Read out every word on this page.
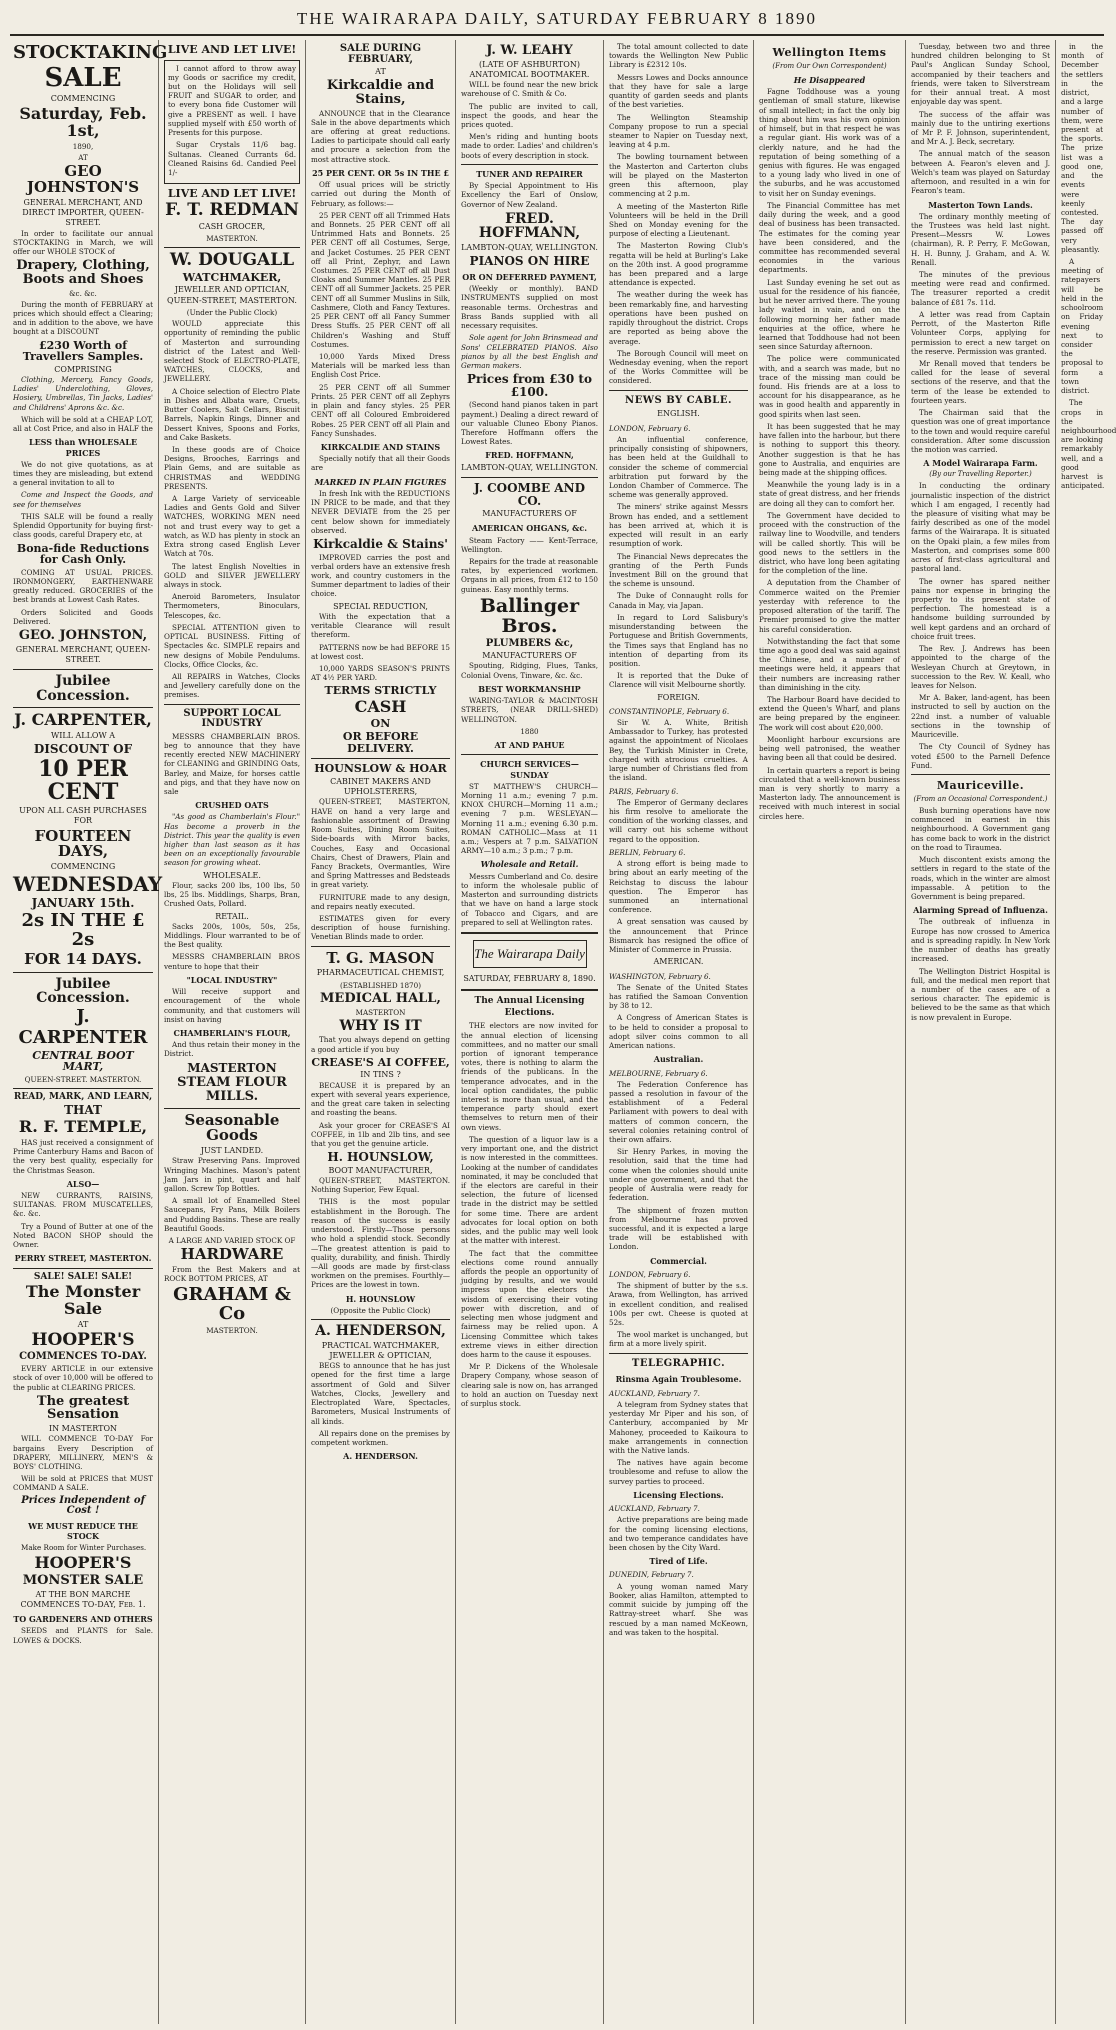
THE WAIRARAPA DAILY, SATURDAY FEBRUARY 8 1890
STOCKTAKING
SALE
COMMENCING
Saturday, Feb. 1st,
1890,
AT
GEO JOHNSTON'S
GENERAL MERCHANT, AND
DIRECT IMPORTER, QUEEN-STREET.

In order to facilitate our annual STOCKTAKING in March, we will offer our WHOLE STOCK of

Drapery, Clothing, Boots and Shoes
&c. &c.

During the month of FEBRUARY at prices which should effect a Clearing; and in addition to the above, we have bought at a DISCOUNT

£230 Worth of Travellers Samples.
COMPRISING

Clothing, Mercery, Fancy Goods, Ladies' Underclothing, Gloves, Hosiery, Umbrellas, Tin Jacks, Ladies' and Childrens' Aprons &c. &c.

Which will be sold at a CHEAP LOT, all at Cost Price, and also in HALF the

LESS than WHOLESALE PRICES

We do not give quotations, as at times they are misleading, but extend a general invitation to all to

Come and Inspect the Goods, and see for themselves

THIS SALE will be found a really Splendid Opportunity for buying first-class goods, careful Drapery etc, at

Bona-fide Reductions for Cash Only.

COMING AT USUAL PRICES. IRONMONGERY, EARTHENWARE greatly reduced. GROCERIES of the best brands at Lowest Cash Rates.

Orders Solicited and Goods Delivered.

GEO. JOHNSTON,
GENERAL MERCHANT, QUEEN-STREET.
Jubilee Concession.
J. CARPENTER,
WILL ALLOW A
DISCOUNT OF
10 PER CENT
UPON ALL CASH PURCHASES
FOR
FOURTEEN DAYS,
COMMENCING
WEDNESDAY
JANUARY 15th.
2s IN THE £ 2s
FOR 14 DAYS.
Jubilee Concession.
J.
CARPENTER
CENTRAL BOOT MART,
QUEEN-STREET. MASTERTON.
READ, MARK, AND LEARN,
THAT
R. F. TEMPLE,

HAS just received a consignment of Prime Canterbury Hams and Bacon of the very best quality, especially for the Christmas Season.

ALSO—

NEW CURRANTS, RAISINS, SULTANAS. FROM MUSCATELLES, &c. &c.

Try a Pound of Butter at one of the Noted BACON SHOP should the Owner.

PERRY STREET, MASTERTON.
SALE! SALE! SALE!
The Monster Sale
AT
HOOPER'S
COMMENCES TO-DAY.

EVERY ARTICLE in our extensive stock of over 10,000 will be offered to the public at CLEARING PRICES.

The greatest Sensation
IN MASTERTON

WILL COMMENCE TO-DAY For bargains Every Description of DRAPERY, MILLINERY, MEN'S & BOYS' CLOTHING.

Will be sold at PRICES that MUST COMMAND A SALE.

Prices Independent of Cost !
WE MUST REDUCE THE STOCK

Make Room for Winter Purchases.

HOOPER'S
MONSTER SALE
AT THE BON MARCHE COMMENCES TO-DAY, Feb. 1.
TO GARDENERS AND OTHERS

SEEDS and PLANTS for Sale. LOWES & DOCKS.

LIVE AND LET LIVE!

I cannot afford to throw away my Goods or sacrifice my credit, but on the Holidays will sell FRUIT and SUGAR to order, and to every bona fide Customer will give a PRESENT as well. I have supplied myself with £50 worth of Presents for this purpose.

Sugar Crystals 11/6 bag. Sultanas. Cleaned Currants 6d. Cleaned Raisins 6d. Candied Peel 1/-

LIVE AND LET LIVE!
F. T. REDMAN
CASH GROCER,
MASTERTON.
W. DOUGALL
WATCHMAKER,
JEWELLER AND OPTICIAN,
QUEEN-STREET, MASTERTON.
(Under the Public Clock)

WOULD appreciate this opportunity of reminding the public of Masterton and surrounding district of the Latest and Well-selected Stock of ELECTRO-PLATE, WATCHES, CLOCKS, and JEWELLERY.

A Choice selection of Electro Plate in Dishes and Albata ware, Cruets, Butter Coolers, Salt Cellars, Biscuit Barrels, Napkin Rings, Dinner and Dessert Knives, Spoons and Forks, and Cake Baskets.

In these goods are of Choice Designs, Brooches, Earrings and Plain Gems, and are suitable as CHRISTMAS and WEDDING PRESENTS.

A Large Variety of serviceable Ladies and Gents Gold and Silver WATCHES, WORKING MEN need not and trust every way to get a watch, as W.D has plenty in stock an Extra strong cased English Lever Watch at 70s.

The latest English Novelties in GOLD and SILVER JEWELLERY always in stock.

Aneroid Barometers, Insulator Thermometers, Binoculars, Telescopes, &c.

SPECIAL ATTENTION given to OPTICAL BUSINESS. Fitting of Spectacles &c. SIMPLE repairs and new designs of Mobile Pendulums. Clocks, Office Clocks, &c.

All REPAIRS in Watches, Clocks and Jewellery carefully done on the premises.

SUPPORT LOCAL INDUSTRY

MESSRS CHAMBERLAIN BROS. beg to announce that they have recently erected NEW MACHINERY for CLEANING and GRINDING Oats, Barley, and Maize, for horses cattle and pigs, and that they have now on sale

CRUSHED OATS

"As good as Chamberlain's Flour." Has become a proverb in the District. This year the quality is even higher than last season as it has been on an exceptionally favourable season for growing wheat.

WHOLESALE.

Flour, sacks 200 lbs, 100 lbs, 50 lbs, 25 lbs. Middlings, Sharps, Bran, Crushed Oats, Pollard.

RETAIL.

Sacks 200s, 100s, 50s, 25s, Middlings. Flour warranted to be of the Best quality.

MESSRS CHAMBERLAIN BROS venture to hope that their

"LOCAL INDUSTRY"

Will receive support and encouragement of the whole community, and that customers will insist on having

CHAMBERLAIN'S FLOUR,

And thus retain their money in the District.

MASTERTON
STEAM FLOUR MILLS.
Seasonable Goods
JUST LANDED.

Straw Preserving Pans. Improved Wringing Machines. Mason's patent Jam Jars in pint, quart and half gallon. Screw Top Bottles.

A small lot of Enamelled Steel Saucepans, Fry Pans, Milk Boilers and Pudding Basins. These are really Beautiful Goods.

A LARGE AND VARIED STOCK OF
HARDWARE

From the Best Makers and at ROCK BOTTOM PRICES, AT

GRAHAM & Co
MASTERTON.
SALE DURING FEBRUARY,
AT
Kirkcaldie and Stains,

ANNOUNCE that in the Clearance Sale in the above departments which are offering at great reductions. Ladies to participate should call early and procure a selection from the most attractive stock.

25 PER CENT. OR 5s IN THE £

Off usual prices will be strictly carried out during the Month of February, as follows:—

25 PER CENT off all Trimmed Hats and Bonnets. 25 PER CENT off all Untrimmed Hats and Bonnets. 25 PER CENT off all Costumes, Serge, and Jacket Costumes. 25 PER CENT off all Print, Zephyr, and Lawn Costumes. 25 PER CENT off all Dust Cloaks and Summer Mantles. 25 PER CENT off all Summer Jackets. 25 PER CENT off all Summer Muslins in Silk, Cashmere, Cloth and Fancy Textures. 25 PER CENT off all Fancy Summer Dress Stuffs. 25 PER CENT off all Children's Washing and Stuff Costumes.

10,000 Yards Mixed Dress Materials will be marked less than English Cost Price.

25 PER CENT off all Summer Prints. 25 PER CENT off all Zephyrs in plain and fancy styles. 25 PER CENT off all Coloured Embroidered Robes. 25 PER CENT off all Plain and Fancy Sunshades.

KIRKCALDIE AND STAINS

Specially notify that all their Goods are

MARKED IN PLAIN FIGURES

In fresh Ink with the REDUCTIONS IN PRICE to be made, and that they NEVER DEVIATE from the 25 per cent below shown for immediately observed.

Kirkcaldie & Stains'

IMPROVED carries the post and verbal orders have an extensive fresh work, and country customers in the Summer department to ladies of their choice.

SPECIAL REDUCTION,

With the expectation that a veritable Clearance will result thereform.

PATTERNS now be had BEFORE 15 at lowest cost.

10,000 YARDS SEASON'S PRINTS AT 4½ PER YARD.

TERMS STRICTLY
CASH
ON
OR BEFORE DELIVERY.
HOUNSLOW & HOAR
CABINET MAKERS AND UPHOLSTERERS,

QUEEN-STREET, MASTERTON, HAVE on hand a very large and fashionable assortment of Drawing Room Suites, Dining Room Suites, Side-boards with Mirror backs, Couches, Easy and Occasional Chairs, Chest of Drawers, Plain and Fancy Brackets, Overmantles, Wire and Spring Mattresses and Bedsteads in great variety.

FURNITURE made to any design, and repairs neatly executed.

ESTIMATES given for every description of house furnishing. Venetian Blinds made to order.

T. G. MASON
PHARMACEUTICAL CHEMIST,
(ESTABLISHED 1870)
MEDICAL HALL,
MASTERTON
WHY IS IT

That you always depend on getting a good article if you buy

CREASE'S AI COFFEE,
IN TINS ?

BECAUSE it is prepared by an expert with several years experience, and the great care taken in selecting and roasting the beans.

Ask your grocer for CREASE'S AI COFFEE, in 1lb and 2lb tins, and see that you get the genuine article.

H. HOUNSLOW,
BOOT MANUFACTURER,

QUEEN-STREET, MASTERTON. Nothing Superior, Few Equal.

THIS is the most popular establishment in the Borough. The reason of the success is easily understood. Firstly—Those persons who hold a splendid stock. Secondly—The greatest attention is paid to quality, durability, and finish. Thirdly—All goods are made by first-class workmen on the premises. Fourthly—Prices are the lowest in town.

H. HOUNSLOW
(Opposite the Public Clock)
A. HENDERSON,
PRACTICAL WATCHMAKER,
JEWELLER & OPTICIAN,

BEGS to announce that he has just opened for the first time a large assortment of Gold and Silver Watches, Clocks, Jewellery and Electroplated Ware, Spectacles, Barometers, Musical Instruments of all kinds.

All repairs done on the premises by competent workmen.

A. HENDERSON.
J. W. LEAHY
(LATE OF ASHBURTON)
ANATOMICAL BOOTMAKER.

WILL be found near the new brick warehouse of C. Smith & Co.

The public are invited to call, inspect the goods, and hear the prices quoted.

Men's riding and hunting boots made to order. Ladies' and children's boots of every description in stock.

TUNER AND REPAIRER

By Special Appointment to His Excellency the Earl of Onslow, Governor of New Zealand.

FRED. HOFFMANN,
LAMBTON-QUAY, WELLINGTON.
PIANOS ON HIRE
OR ON DEFERRED PAYMENT,

(Weekly or monthly). BAND INSTRUMENTS supplied on most reasonable terms. Orchestras and Brass Bands supplied with all necessary requisites.

Sole agent for John Brinsmead and Sons' CELEBRATED PIANOS. Also pianos by all the best English and German makers.

Prices from £30 to £100.

(Second hand pianos taken in part payment.) Dealing a direct reward of our valuable Cluneo Ebony Pianos. Therefore Hoffmann offers the Lowest Rates.

FRED. HOFFMANN,
LAMBTON-QUAY, WELLINGTON.
J. COOMBE AND CO.
MANUFACTURERS OF
AMERICAN OHGANS, &c.

Steam Factory —— Kent-Terrace, Wellington.

Repairs for the trade at reasonable rates, by experienced workmen. Organs in all prices, from £12 to 150 guineas. Easy monthly terms.

Ballinger Bros.
PLUMBERS &c,
MANUFACTURERS OF

Spouting, Ridging, Flues, Tanks, Colonial Ovens, Tinware, &c. &c.

BEST WORKMANSHIP

WARING-TAYLOR & MACINTOSH STREETS, (NEAR DRILL-SHED) WELLINGTON.

1880
AT AND PAHUE
CHURCH SERVICES—SUNDAY

ST MATTHEW'S CHURCH—Morning 11 a.m.; evening 7 p.m. KNOX CHURCH—Morning 11 a.m.; evening 7 p.m. WESLEYAN—Morning 11 a.m.; evening 6.30 p.m. ROMAN CATHOLIC—Mass at 11 a.m.; Vespers at 7 p.m. SALVATION ARMY—10 a.m.; 3 p.m.; 7 p.m.

Wholesale and Retail.

Messrs Cumberland and Co. desire to inform the wholesale public of Masterton and surrounding districts that we have on hand a large stock of Tobacco and Cigars, and are prepared to sell at Wellington rates.

The Wairarapa Daily
SATURDAY, FEBRUARY 8, 1890.
The Annual Licensing Elections.

THE electors are now invited for the annual election of licensing committees, and no matter our small portion of ignorant temperance votes, there is nothing to alarm the friends of the publicans. In the temperance advocates, and in the local option candidates, the public interest is more than usual, and the temperance party should exert themselves to return men of their own views.

The question of a liquor law is a very important one, and the district is now interested in the committees. Looking at the number of candidates nominated, it may be concluded that if the electors are careful in their selection, the future of licensed trade in the district may be settled for some time. There are ardent advocates for local option on both sides, and the public may well look at the matter with interest.

The fact that the committee elections come round annually affords the people an opportunity of judging by results, and we would impress upon the electors the wisdom of exercising their voting power with discretion, and of selecting men whose judgment and fairness may be relied upon. A Licensing Committee which takes extreme views in either direction does harm to the cause it espouses.

Mr P. Dickens of the Wholesale Drapery Company, whose season of clearing sale is now on, has arranged to hold an auction on Tuesday next of surplus stock.

The total amount collected to date towards the Wellington New Public Library is £2312 10s.

Messrs Lowes and Docks announce that they have for sale a large quantity of garden seeds and plants of the best varieties.

The Wellington Steamship Company propose to run a special steamer to Napier on Tuesday next, leaving at 4 p.m.

The bowling tournament between the Masterton and Carterton clubs will be played on the Masterton green this afternoon, play commencing at 2 p.m.

A meeting of the Masterton Rifle Volunteers will be held in the Drill Shed on Monday evening for the purpose of electing a Lieutenant.

The Masterton Rowing Club's regatta will be held at Burling's Lake on the 20th inst. A good programme has been prepared and a large attendance is expected.

The weather during the week has been remarkably fine, and harvesting operations have been pushed on rapidly throughout the district. Crops are reported as being above the average.

The Borough Council will meet on Wednesday evening, when the report of the Works Committee will be considered.

NEWS BY CABLE.
ENGLISH.
LONDON, February 6.

An influential conference, principally consisting of shipowners, has been held at the Guildhall to consider the scheme of commercial arbitration put forward by the London Chamber of Commerce. The scheme was generally approved.

The miners' strike against Messrs Brown has ended, and a settlement has been arrived at, which it is expected will result in an early resumption of work.

The Financial News deprecates the granting of the Perth Funds Investment Bill on the ground that the scheme is unsound.

The Duke of Connaught rolls for Canada in May, via Japan.

In regard to Lord Salisbury's misunderstanding between the Portuguese and British Governments, the Times says that England has no intention of departing from its position.

It is reported that the Duke of Clarence will visit Melbourne shortly.

FOREIGN.
CONSTANTINOPLE, February 6.

Sir W. A. White, British Ambassador to Turkey, has protested against the appointment of Nicolaes Bey, the Turkish Minister in Crete, charged with atrocious cruelties. A large number of Christians fled from the island.

PARIS, February 6.

The Emperor of Germany declares his firm resolve to ameliorate the condition of the working classes, and will carry out his scheme without regard to the opposition.

BERLIN, February 6.

A strong effort is being made to bring about an early meeting of the Reichstag to discuss the labour question. The Emperor has summoned an international conference.

A great sensation was caused by the announcement that Prince Bismarck has resigned the office of Minister of Commerce in Prussia.

AMERICAN.
WASHINGTON, February 6.

The Senate of the United States has ratified the Samoan Convention by 38 to 12.

A Congress of American States is to be held to consider a proposal to adopt silver coins common to all American nations.

Australian.
MELBOURNE, February 6.

The Federation Conference has passed a resolution in favour of the establishment of a Federal Parliament with powers to deal with matters of common concern, the several colonies retaining control of their own affairs.

Sir Henry Parkes, in moving the resolution, said that the time had come when the colonies should unite under one government, and that the people of Australia were ready for federation.

The shipment of frozen mutton from Melbourne has proved successful, and it is expected a large trade will be established with London.

Commercial.
LONDON, February 6.

The shipment of butter by the s.s. Arawa, from Wellington, has arrived in excellent condition, and realised 100s per cwt. Cheese is quoted at 52s.

The wool market is unchanged, but firm at a more lively spirit.

TELEGRAPHIC.
Rinsma Again Troublesome.
AUCKLAND, February 7.

A telegram from Sydney states that yesterday Mr Piper and his son, of Canterbury, accompanied by Mr Mahoney, proceeded to Kaikoura to make arrangements in connection with the Native lands.

The natives have again become troublesome and refuse to allow the survey parties to proceed.

Licensing Elections.
AUCKLAND, February 7.

Active preparations are being made for the coming licensing elections, and two temperance candidates have been chosen by the City Ward.

Tired of Life.
DUNEDIN, February 7.

A young woman named Mary Booker, alias Hamilton, attempted to commit suicide by jumping off the Rattray-street wharf. She was rescued by a man named McKeown, and was taken to the hospital.

Wellington Items
(From Our Own Correspondent)
He Disappeared

Fagne Toddhouse was a young gentleman of small stature, likewise of small intellect; in fact the only big thing about him was his own opinion of himself, but in that respect he was a regular giant. His work was of a clerkly nature, and he had the reputation of being something of a genius with figures. He was engaged to a young lady who lived in one of the suburbs, and he was accustomed to visit her on Sunday evenings.

The Financial Committee has met daily during the week, and a good deal of business has been transacted. The estimates for the coming year have been considered, and the committee has recommended several economies in the various departments.

Last Sunday evening he set out as usual for the residence of his fiancée, but he never arrived there. The young lady waited in vain, and on the following morning her father made enquiries at the office, where he learned that Toddhouse had not been seen since Saturday afternoon.

The police were communicated with, and a search was made, but no trace of the missing man could be found. His friends are at a loss to account for his disappearance, as he was in good health and apparently in good spirits when last seen.

It has been suggested that he may have fallen into the harbour, but there is nothing to support this theory. Another suggestion is that he has gone to Australia, and enquiries are being made at the shipping offices.

Meanwhile the young lady is in a state of great distress, and her friends are doing all they can to comfort her.

The Government have decided to proceed with the construction of the railway line to Woodville, and tenders will be called shortly. This will be good news to the settlers in the district, who have long been agitating for the completion of the line.

A deputation from the Chamber of Commerce waited on the Premier yesterday with reference to the proposed alteration of the tariff. The Premier promised to give the matter his careful consideration.

Notwithstanding the fact that some time ago a good deal was said against the Chinese, and a number of meetings were held, it appears that their numbers are increasing rather than diminishing in the city.

The Harbour Board have decided to extend the Queen's Wharf, and plans are being prepared by the engineer. The work will cost about £20,000.

Moonlight harbour excursions are being well patronised, the weather having been all that could be desired.

In certain quarters a report is being circulated that a well-known business man is very shortly to marry a Masterton lady. The announcement is received with much interest in social circles here.

Tuesday, between two and three hundred children belonging to St Paul's Anglican Sunday School, accompanied by their teachers and friends, were taken to Silverstream for their annual treat. A most enjoyable day was spent.

The success of the affair was mainly due to the untiring exertions of Mr P. F. Johnson, superintendent, and Mr A. J. Beck, secretary.

The annual match of the season between A. Fearon's eleven and J. Welch's team was played on Saturday afternoon, and resulted in a win for Fearon's team.

Masterton Town Lands.

The ordinary monthly meeting of the Trustees was held last night. Present—Messrs W. Lowes (chairman), R. P. Perry, F. McGowan, H. H. Bunny, J. Graham, and A. W. Renall.

The minutes of the previous meeting were read and confirmed. The treasurer reported a credit balance of £81 7s. 11d.

A letter was read from Captain Perrott, of the Masterton Rifle Volunteer Corps, applying for permission to erect a new target on the reserve. Permission was granted.

Mr Renall moved that tenders be called for the lease of several sections of the reserve, and that the term of the lease be extended to fourteen years.

The Chairman said that the question was one of great importance to the town and would require careful consideration. After some discussion the motion was carried.

A Model Wairarapa Farm.
(By our Travelling Reporter.)

In conducting the ordinary journalistic inspection of the district which I am engaged, I recently had the pleasure of visiting what may be fairly described as one of the model farms of the Wairarapa. It is situated on the Opaki plain, a few miles from Masterton, and comprises some 800 acres of first-class agricultural and pastoral land.

The owner has spared neither pains nor expense in bringing the property to its present state of perfection. The homestead is a handsome building surrounded by well kept gardens and an orchard of choice fruit trees.

The Rev. J. Andrews has been appointed to the charge of the Wesleyan Church at Greytown, in succession to the Rev. W. Keall, who leaves for Nelson.

Mr A. Baker, land-agent, has been instructed to sell by auction on the 22nd inst. a number of valuable sections in the township of Mauriceville.

The Cty Council of Sydney has voted £500 to the Parnell Defence Fund.

Mauriceville.
(From an Occasional Correspondent.)

Bush burning operations have now commenced in earnest in this neighbourhood. A Government gang has come back to work in the district on the road to Tiraumea.

Much discontent exists among the settlers in regard to the state of the roads, which in the winter are almost impassable. A petition to the Government is being prepared.

Alarming Spread of Influenza.

The outbreak of influenza in Europe has now crossed to America and is spreading rapidly. In New York the number of deaths has greatly increased.

The Wellington District Hospital is full, and the medical men report that a number of the cases are of a serious character. The epidemic is believed to be the same as that which is now prevalent in Europe.

in the month of December the settlers in the district, and a large number of them, were present at the sports. The prize list was a good one, and the events were keenly contested. The day passed off very pleasantly.

A meeting of ratepayers will be held in the schoolroom on Friday evening next to consider the proposal to form a town district.

The crops in the neighbourhood are looking remarkably well, and a good harvest is anticipated.
